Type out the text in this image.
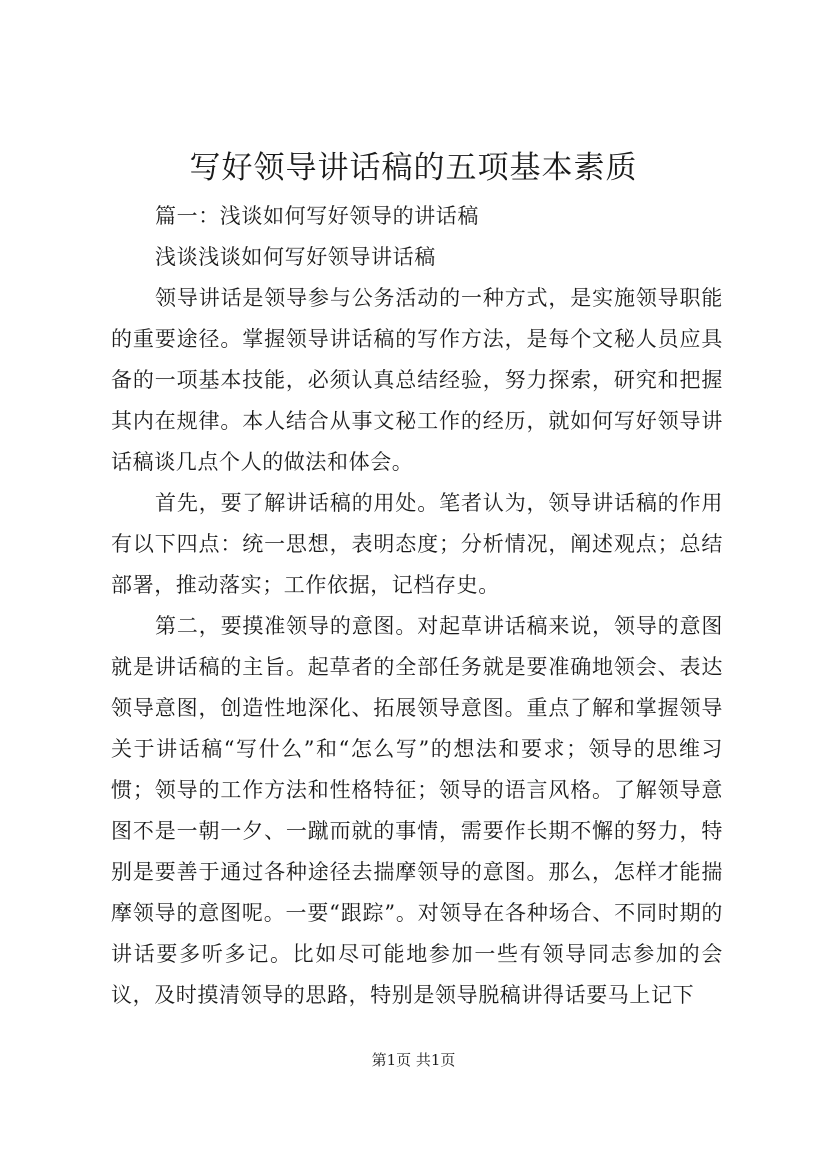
写好领导讲话稿的五项基本素质

篇一：浅谈如何写好领导的讲话稿

浅谈浅谈如何写好领导讲话稿

领导讲话是领导参与公务活动的一种方式，是实施领导职能的重要途径。掌握领导讲话稿的写作方法，是每个文秘人员应具备的一项基本技能，必须认真总结经验，努力探索，研究和把握其内在规律。本人结合从事文秘工作的经历，就如何写好领导讲话稿谈几点个人的做法和体会。

首先，要了解讲话稿的用处。笔者认为，领导讲话稿的作用有以下四点：统一思想，表明态度；分析情况，阐述观点；总结部署，推动落实；工作依据，记档存史。

第二，要摸准领导的意图。对起草讲话稿来说，领导的意图就是讲话稿的主旨。起草者的全部任务就是要准确地领会、表达领导意图，创造性地深化、拓展领导意图。重点了解和掌握领导关于讲话稿“写什么”和“怎么写”的想法和要求；领导的思维习惯；领导的工作方法和性格特征；领导的语言风格。了解领导意图不是一朝一夕、一蹴而就的事情，需要作长期不懈的努力，特别是要善于通过各种途径去揣摩领导的意图。那么，怎样才能揣摩领导的意图呢。一要“跟踪”。对领导在各种场合、不同时期的讲话要多听多记。比如尽可能地参加一些有领导同志参加的会议，及时摸清领导的思路，特别是领导脱稿讲得话要马上记下

第1页 共1页
